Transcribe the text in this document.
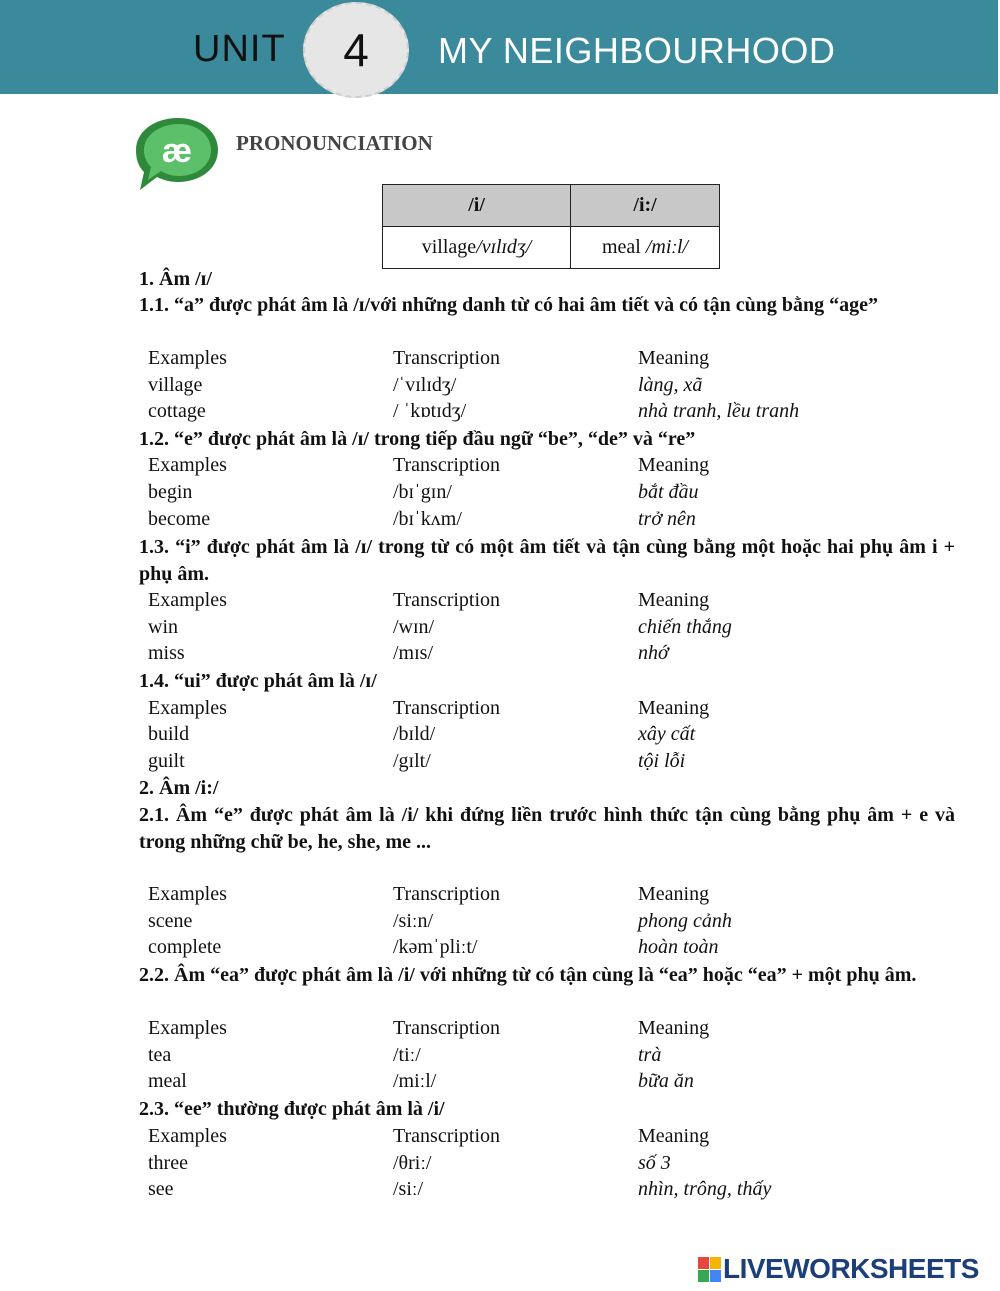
UNIT 4 MY NEIGHBOURHOOD
æ PRONOUNCIATION
/i/	/i:/
village/vɪlɪdʒ/	meal /miːl/
1. Âm /ɪ/
1.1. “a” được phát âm là /ɪ/với những danh từ có hai âm tiết và có tận cùng bằng “age”
Examples	Transcription	Meaning
village	/ˈvɪlɪdʒ/	làng, xã
cottage	/ ˈkɒtɪdʒ/	nhà tranh, lều tranh
1.2. “e” được phát âm là /ɪ/ trong tiếp đầu ngữ “be”, “de” và “re”
Examples	Transcription	Meaning
begin	/bɪˈgɪn/	bắt đầu
become	/bɪˈkʌm/	trở nên
1.3. “i” được phát âm là /ɪ/ trong từ có một âm tiết và tận cùng bằng một hoặc hai phụ âm i + phụ âm.
Examples	Transcription	Meaning
win	/wɪn/	chiến thắng
miss	/mɪs/	nhớ
1.4. “ui” được phát âm là /ɪ/
Examples	Transcription	Meaning
build	/bɪld/	xây cất
guilt	/gɪlt/	tội lỗi
2. Âm /i:/
2.1. Âm “e” được phát âm là /i/ khi đứng liền trước hình thức tận cùng bằng phụ âm + e và trong những chữ be, he, she, me ...
Examples	Transcription	Meaning
scene	/siːn/	phong cảnh
complete	/kəmˈpliːt/	hoàn toàn
2.2. Âm “ea” được phát âm là /i/ với những từ có tận cùng là “ea” hoặc “ea” + một phụ âm.
Examples	Transcription	Meaning
tea	/tiː/	trà
meal	/miːl/	bữa ăn
2.3. “ee” thường được phát âm là /i/
Examples	Transcription	Meaning
three	/θriː/	số 3
see	/siː/	nhìn, trông, thấy
LIVEWORKSHEETS
